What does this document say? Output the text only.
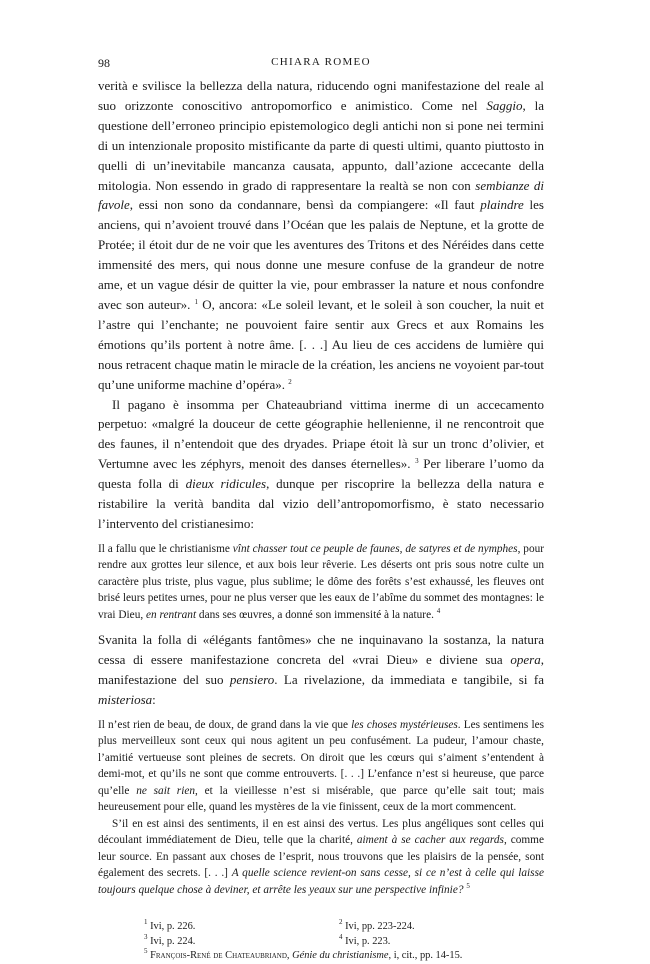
98	CHIARA ROMEO

verità e svilisce la bellezza della natura, riducendo ogni manifestazione del reale al suo orizzonte conoscitivo antropomorfico e animistico. Come nel Saggio, la questione dell’erroneo principio epistemologico degli antichi non si pone nei termini di un intenzionale proposito mistificante da parte di questi ultimi, quanto piuttosto in quelli di un’inevitabile mancanza causata, appunto, dall’azione accecante della mitologia. Non essendo in grado di rappresentare la realtà se non con sembianze di favole, essi non sono da condannare, bensì da compiangere: «Il faut plaindre les anciens, qui n’avoient trouvé dans l’Océan que les palais de Neptune, et la grotte de Protée; il étoit dur de ne voir que les aventures des Tritons et des Néréides dans cette immensité des mers, qui nous donne une mesure confuse de la grandeur de notre ame, et un vague désir de quitter la vie, pour embrasser la nature et nous confondre avec son auteur». $^1$ O, ancora: «Le soleil levant, et le soleil à son coucher, la nuit et l’astre qui l’enchante; ne pouvoient faire sentir aux Grecs et aux Romains les émotions qu’ils portent à notre âme. [. . .] Au lieu de ces accidens de lumière qui nous retracent chaque matin le miracle de la création, les anciens ne voyoient par-tout qu’une uniforme machine d’opéra». $^2$

Il pagano è insomma per Chateaubriand vittima inerme di un accecamento perpetuo: «malgré la douceur de cette géographie hellenienne, il ne rencontroit que des faunes, il n’entendoit que des dryades. Priape étoit là sur un tronc d’olivier, et Vertumne avec les zéphyrs, menoit des danses éternelles». $^3$ Per liberare l’uomo da questa folla di dieux ridicules, dunque per riscoprire la bellezza della natura e ristabilire la verità bandita dal vizio dell’antropomorfismo, è stato necessario l’intervento del cristianesimo:

Il a fallu que le christianisme vînt chasser tout ce peuple de faunes, de satyres et de nymphes, pour rendre aux grottes leur silence, et aux bois leur rêverie. Les déserts ont pris sous notre culte un caractère plus triste, plus vague, plus sublime; le dôme des forêts s’est exhaussé, les fleuves ont brisé leurs petites urnes, pour ne plus verser que les eaux de l’abîme du sommet des montagnes: le vrai Dieu, en rentrant dans ses œuvres, a donné son immensité à la nature. $^4$

Svanita la folla di «élégants fantômes» che ne inquinavano la sostanza, la natura cessa di essere manifestazione concreta del «vrai Dieu» e diviene sua opera, manifestazione del suo pensiero. La rivelazione, da immediata e tangibile, si fa misteriosa:

Il n’est rien de beau, de doux, de grand dans la vie que les choses mystérieuses. Les sentimens les plus merveilleux sont ceux qui nous agitent un peu confusément. La pudeur, l’amour chaste, l’amitié vertueuse sont pleines de secrets. On diroit que les cœurs qui s’aiment s’entendent à demi-mot, et qu’ils ne sont que comme entrouverts. [. . .] L’enfance n’est si heureuse, que parce qu’elle ne sait rien, et la vieillesse n’est si misérable, que parce qu’elle sait tout; mais heureusement pour elle, quand les mystères de la vie finissent, ceux de la mort commencent.

S’il en est ainsi des sentiments, il en est ainsi des vertus. Les plus angéliques sont celles qui découlant immédiatement de Dieu, telle que la charité, aiment à se cacher aux regards, comme leur source. En passant aux choses de l’esprit, nous trouvons que les plaisirs de la pensée, sont également des secrets. [. . .] A quelle science revient-on sans cesse, si ce n’est à celle qui laisse toujours quelque chose à deviner, et arrête les yeaux sur une perspective infinie? $^5$

$^1$ Ivi, p. 226.	$^2$ Ivi, pp. 223-224.
$^3$ Ivi, p. 224.	$^4$ Ivi, p. 223.
$^5$ François-René de Chateaubriand, Génie du christianisme, i, cit., pp. 14-15.
